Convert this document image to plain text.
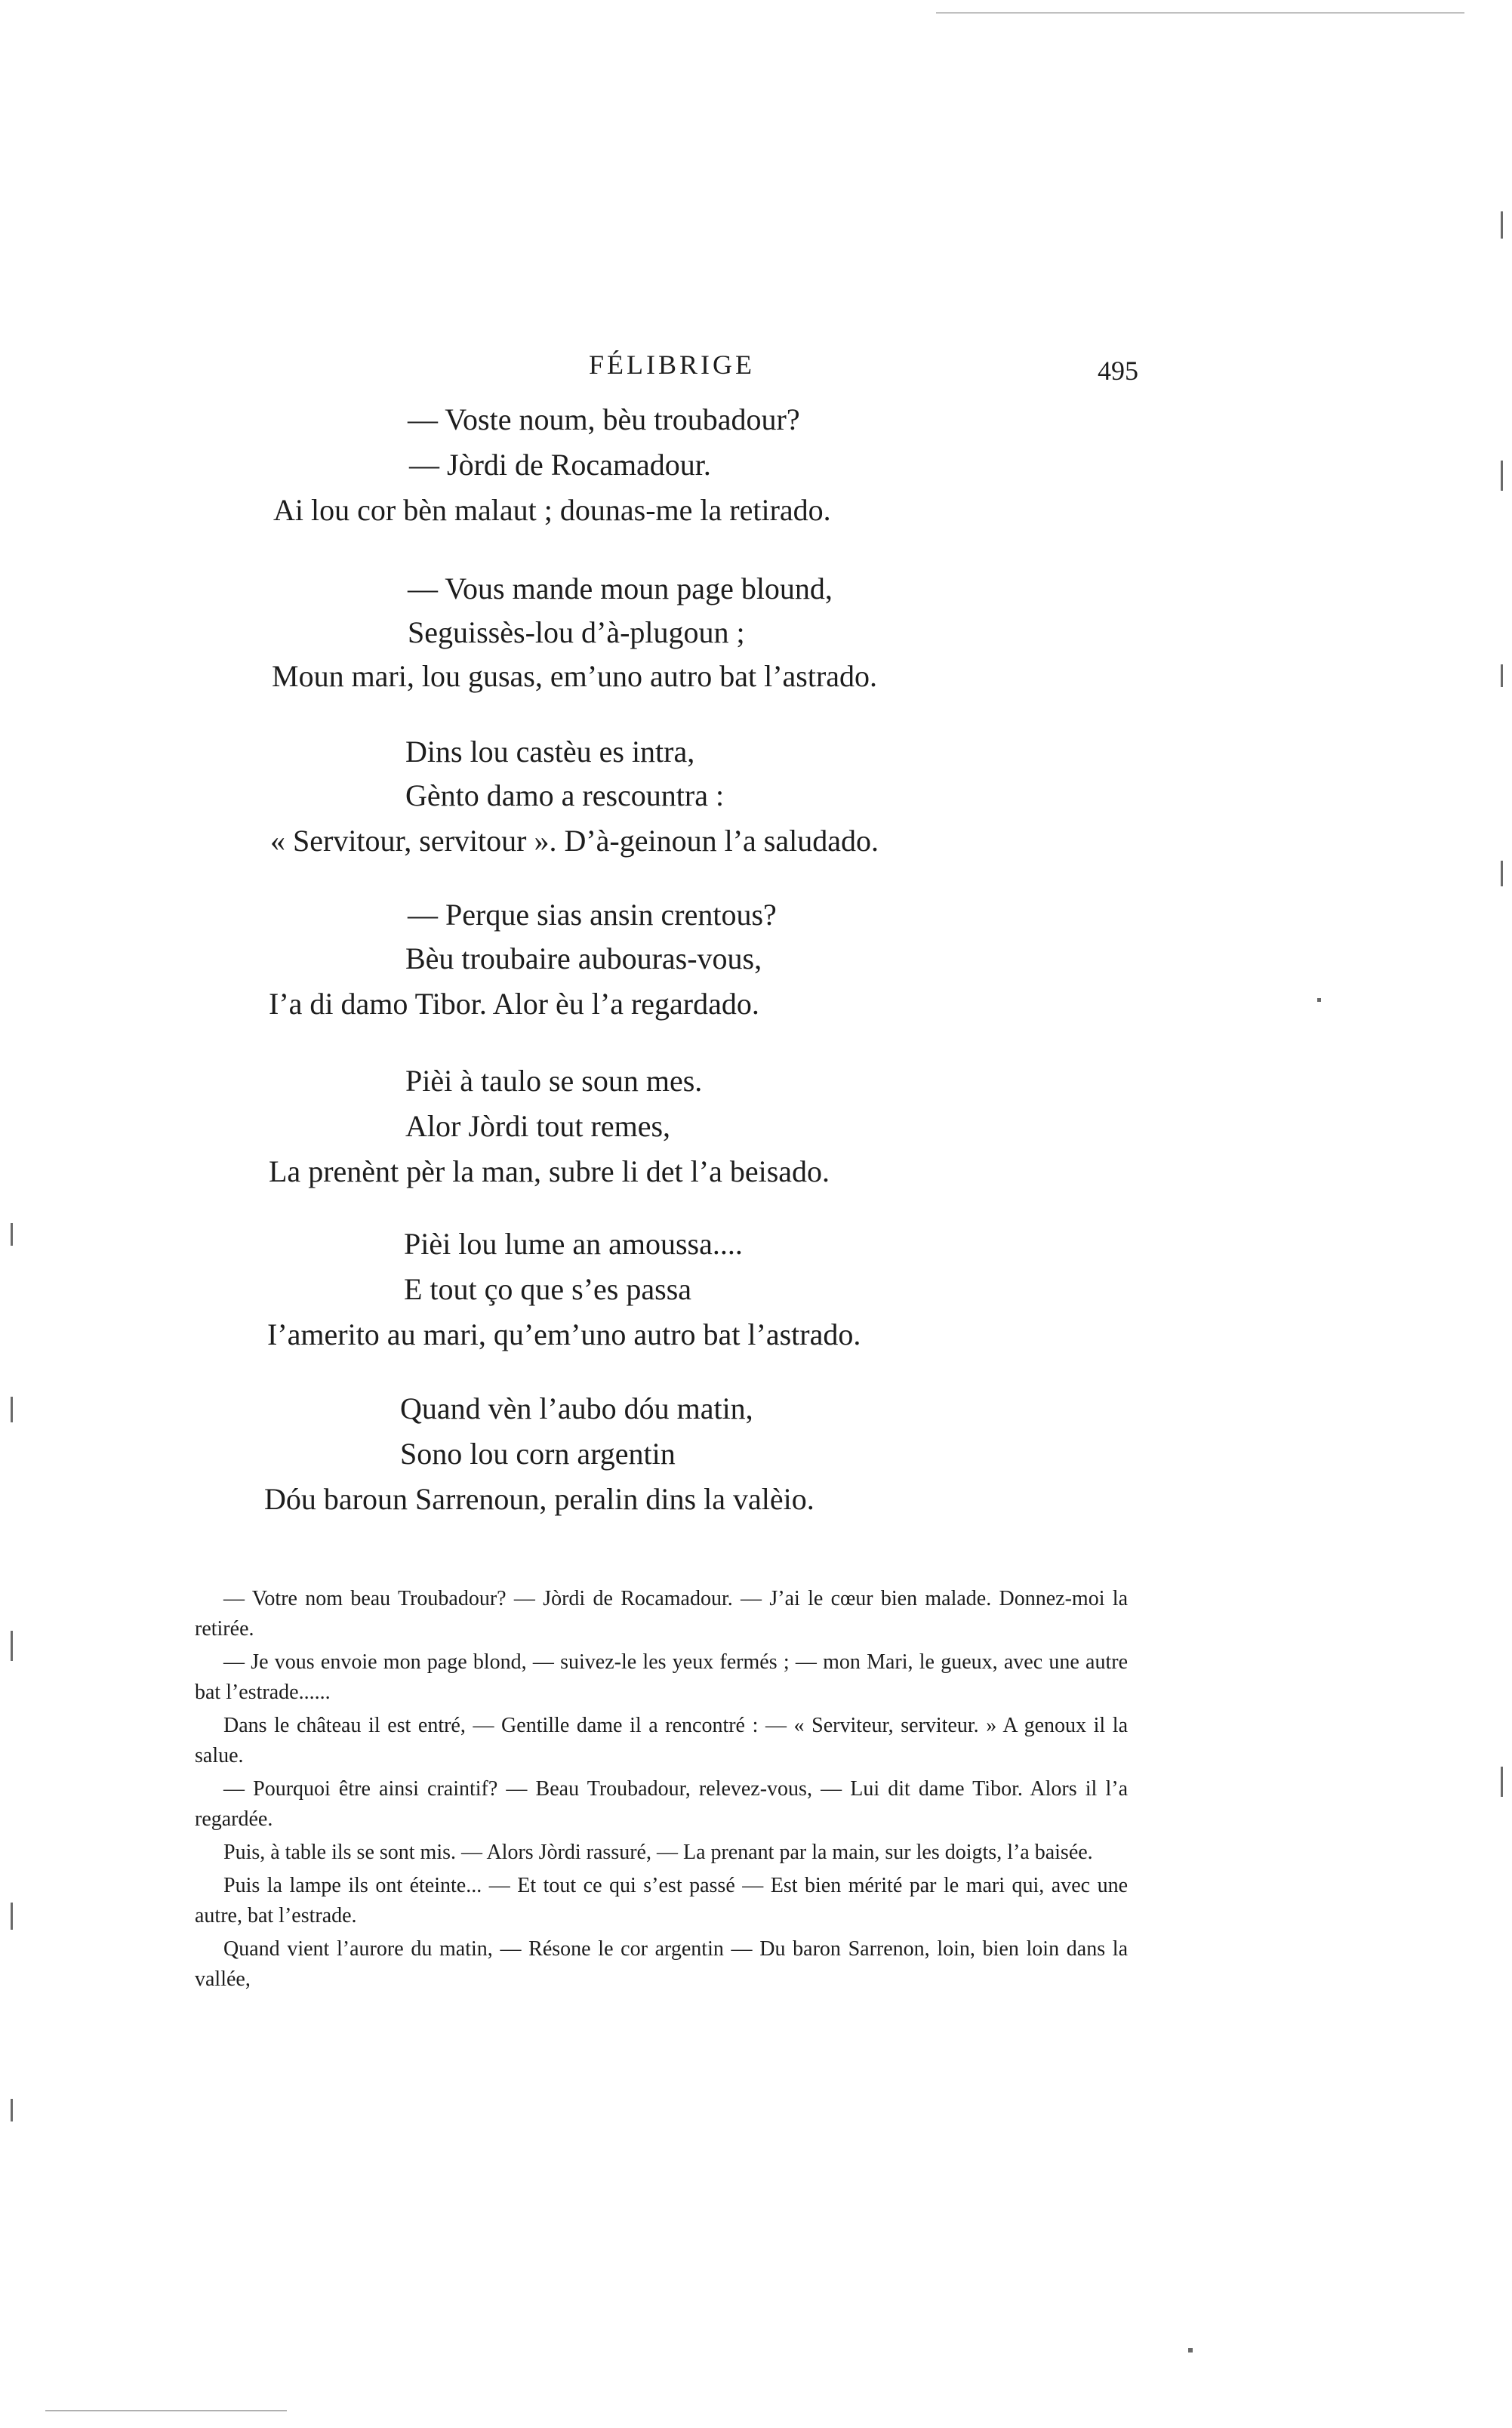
FÉLIBRIGE	495
— Voste noum, bèu troubadour?
— Jòrdi de Rocamadour.
Ai lou cor bèn malaut ; dounas-me la retirado.
— Vous mande moun page blound,
Seguissès-lou d’à-plugoun ;
Moun mari, lou gusas, em’uno autro bat l’astrado.
Dins lou castèu es intra,
Gènto damo a rescountra :
« Servitour, servitour ». D’à-geinoun l’a saludado.
— Perque sias ansin crentous?
Bèu troubaire aubouras-vous,
I’a di damo Tibor. Alor èu l’a regardado.
Pièi à taulo se soun mes.
Alor Jòrdi tout remes,
La prenènt pèr la man, subre li det l’a beisado.
Pièi lou lume an amoussa....
E tout ço que s’es passa
I’amerito au mari, qu’em’uno autro bat l’astrado.
Quand vèn l’aubo dóu matin,
Sono lou corn argentin
Dóu baroun Sarrenoun, peralin dins la valèio.

— Votre nom beau Troubadour? — Jòrdi de Rocamadour. — J’ai le cœur bien malade. Donnez-moi la retirée.

— Je vous envoie mon page blond, — suivez-le les yeux fermés ; — mon Mari, le gueux, avec une autre bat l’estrade......

Dans le château il est entré, — Gentille dame il a rencontré : — « Serviteur, serviteur. » A genoux il la salue.

— Pourquoi être ainsi craintif? — Beau Troubadour, relevez-vous, — Lui dit dame Tibor. Alors il l’a regardée.

Puis, à table ils se sont mis. — Alors Jòrdi rassuré, — La prenant par la main, sur les doigts, l’a baisée.

Puis la lampe ils ont éteinte... — Et tout ce qui s’est passé — Est bien mérité par le mari qui, avec une autre, bat l’estrade.

Quand vient l’aurore du matin, — Résone le cor argentin — Du baron Sarrenon, loin, bien loin dans la vallée,
